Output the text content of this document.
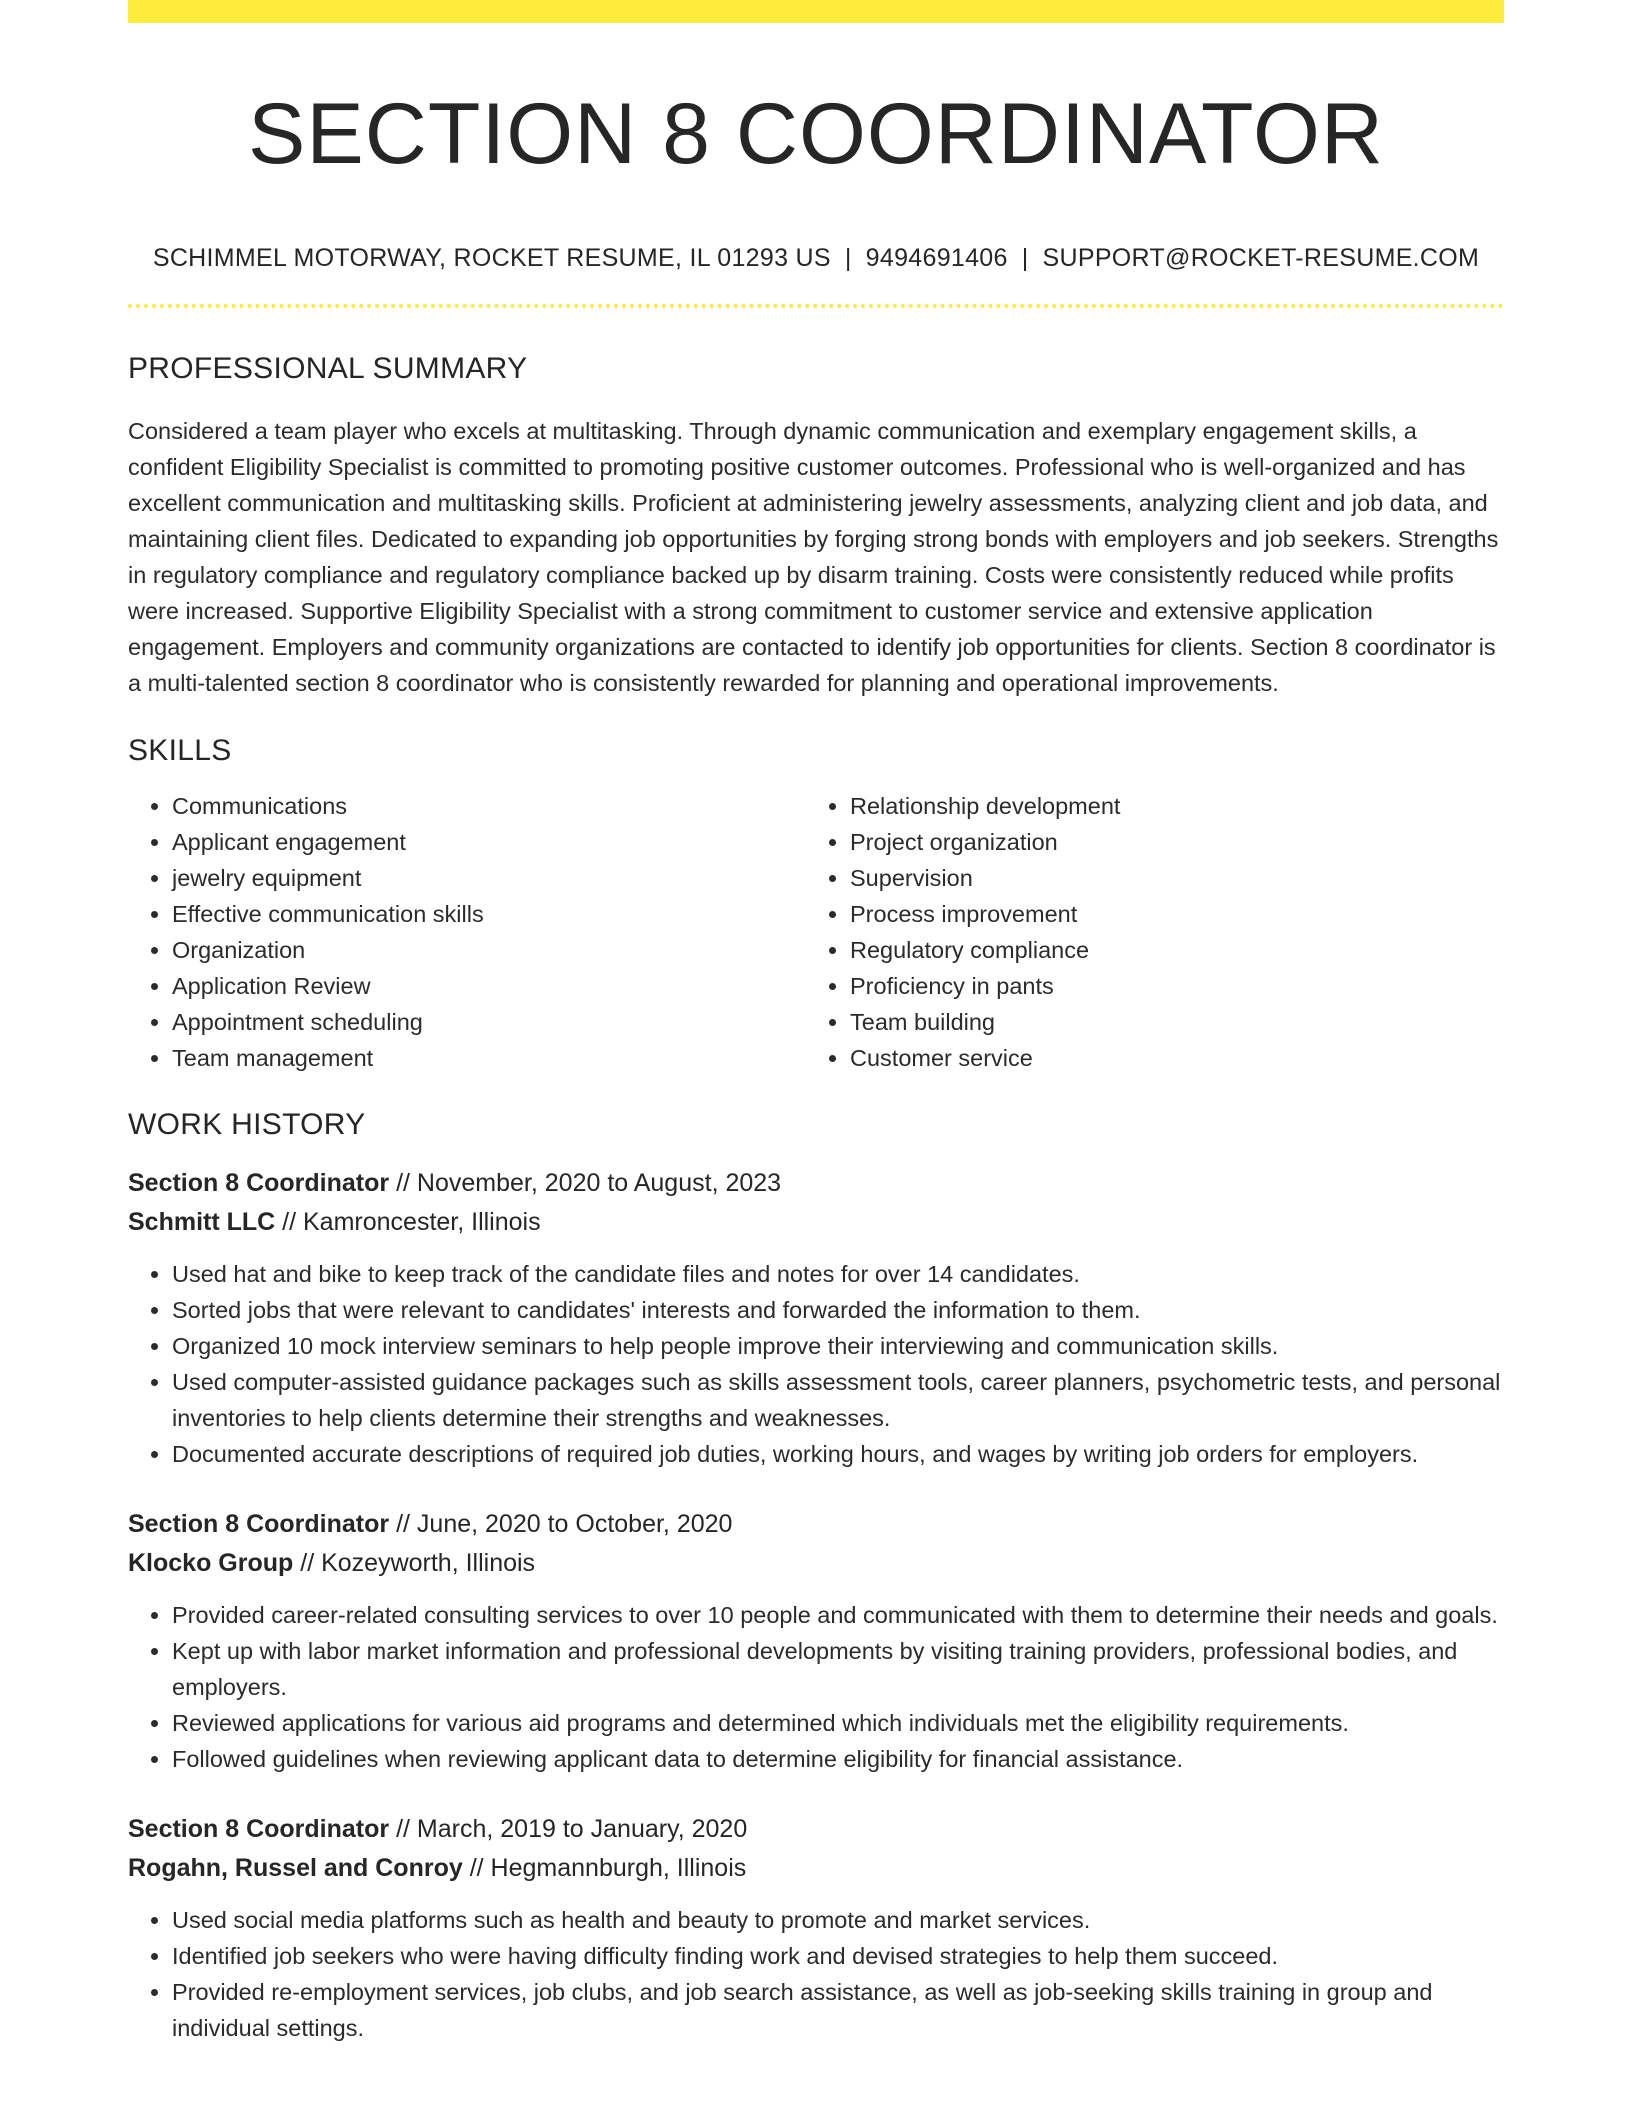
SECTION 8 COORDINATOR
SCHIMMEL MOTORWAY, ROCKET RESUME, IL 01293 US | 9494691406 | SUPPORT@ROCKET-RESUME.COM
PROFESSIONAL SUMMARY

Considered a team player who excels at multitasking. Through dynamic communication and exemplary engagement skills, a confident Eligibility Specialist is committed to promoting positive customer outcomes. Professional who is well-organized and has excellent communication and multitasking skills. Proficient at administering jewelry assessments, analyzing client and job data, and maintaining client files. Dedicated to expanding job opportunities by forging strong bonds with employers and job seekers. Strengths in regulatory compliance and regulatory compliance backed up by disarm training. Costs were consistently reduced while profits were increased. Supportive Eligibility Specialist with a strong commitment to customer service and extensive application engagement. Employers and community organizations are contacted to identify job opportunities for clients. Section 8 coordinator is a multi-talented section 8 coordinator who is consistently rewarded for planning and operational improvements.

SKILLS
• Communications
• Applicant engagement
• jewelry equipment
• Effective communication skills
• Organization
• Application Review
• Appointment scheduling
• Team management
• Relationship development
• Project organization
• Supervision
• Process improvement
• Regulatory compliance
• Proficiency in pants
• Team building
• Customer service
WORK HISTORY
Section 8 Coordinator // November, 2020 to August, 2023
Schmitt LLC // Kamroncester, Illinois
• Used hat and bike to keep track of the candidate files and notes for over 14 candidates.
• Sorted jobs that were relevant to candidates' interests and forwarded the information to them.
• Organized 10 mock interview seminars to help people improve their interviewing and communication skills.
• Used computer-assisted guidance packages such as skills assessment tools, career planners, psychometric tests, and personal inventories to help clients determine their strengths and weaknesses.
• Documented accurate descriptions of required job duties, working hours, and wages by writing job orders for employers.
Section 8 Coordinator // June, 2020 to October, 2020
Klocko Group // Kozeyworth, Illinois
• Provided career-related consulting services to over 10 people and communicated with them to determine their needs and goals.
• Kept up with labor market information and professional developments by visiting training providers, professional bodies, and employers.
• Reviewed applications for various aid programs and determined which individuals met the eligibility requirements.
• Followed guidelines when reviewing applicant data to determine eligibility for financial assistance.
Section 8 Coordinator // March, 2019 to January, 2020
Rogahn, Russel and Conroy // Hegmannburgh, Illinois
• Used social media platforms such as health and beauty to promote and market services.
• Identified job seekers who were having difficulty finding work and devised strategies to help them succeed.
• Provided re-employment services, job clubs, and job search assistance, as well as job-seeking skills training in group and individual settings.
